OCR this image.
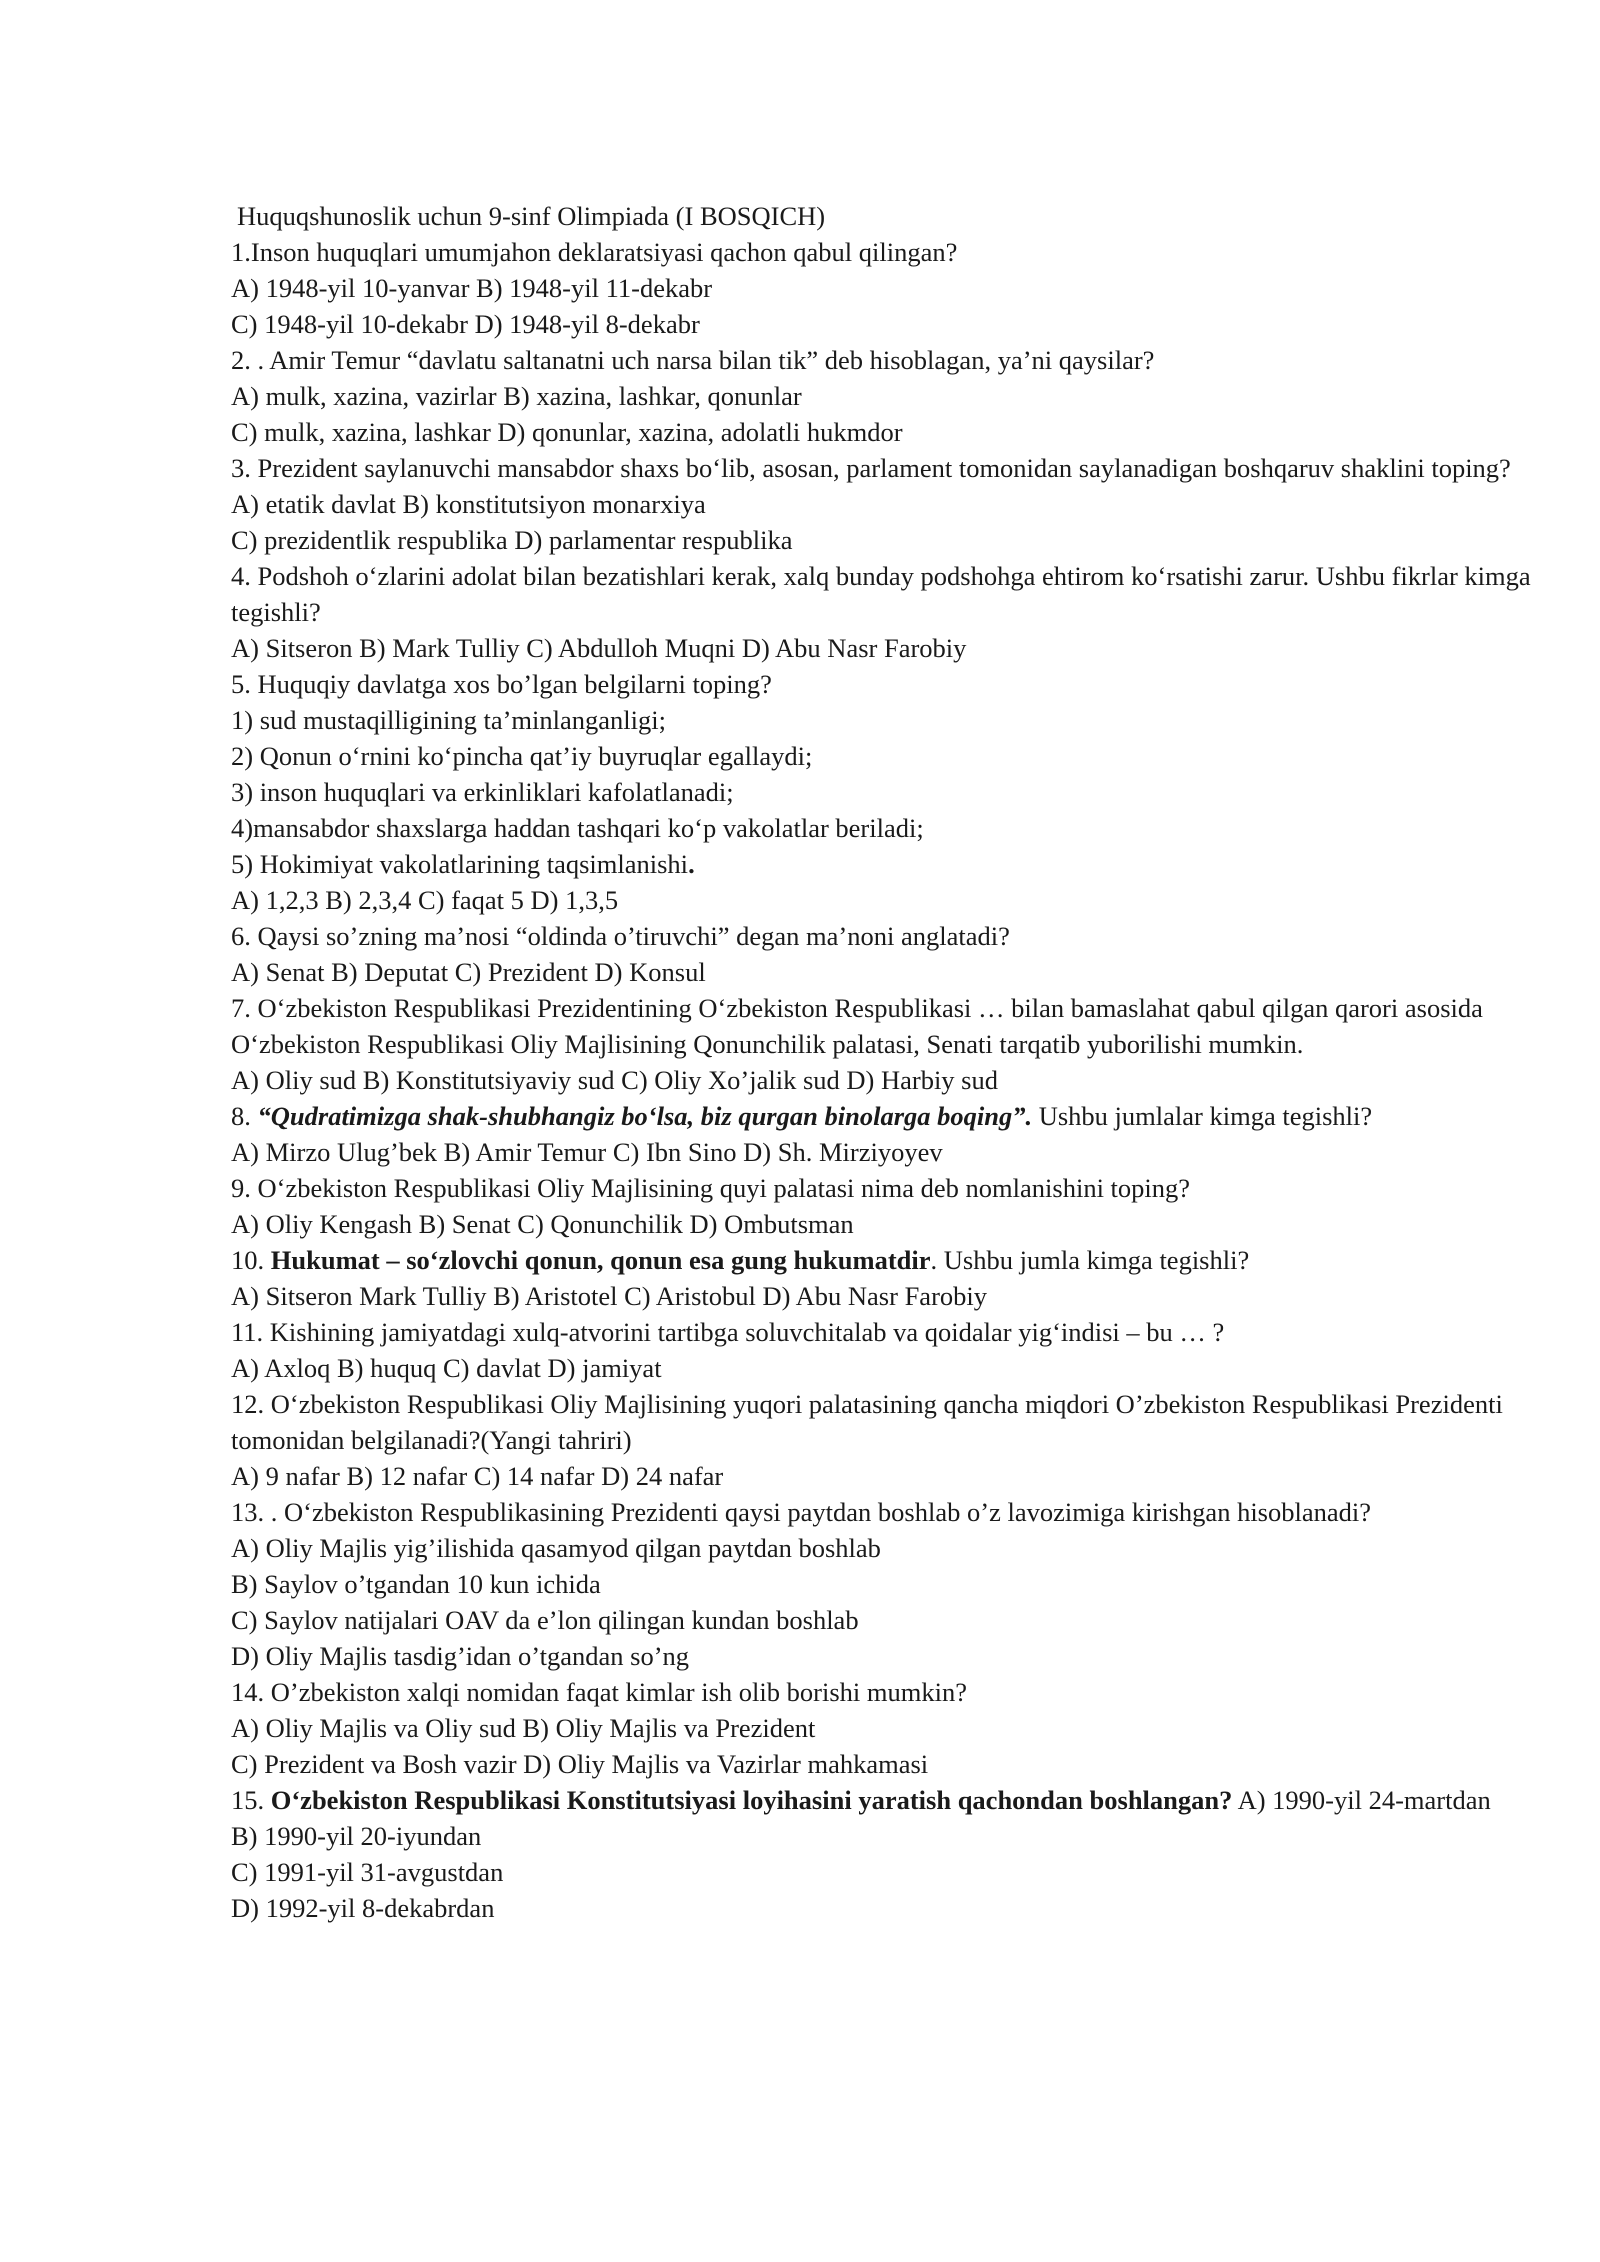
Huquqshunoslik uchun 9-sinf Olimpiada (I BOSQICH)

1.Inson huquqlari umumjahon deklaratsiyasi qachon qabul qilingan?

A) 1948-yil 10-yanvar B) 1948-yil 11-dekabr

C) 1948-yil 10-dekabr D) 1948-yil 8-dekabr

2. . Amir Temur “davlatu saltanatni uch narsa bilan tik” deb hisoblagan, ya’ni qaysilar?

A) mulk, xazina, vazirlar B) xazina, lashkar, qonunlar

C) mulk, xazina, lashkar D) qonunlar, xazina, adolatli hukmdor

3. Prezident saylanuvchi mansabdor shaxs bo‘lib, asosan, parlament tomonidan saylanadigan boshqaruv shaklini toping?

A) etatik davlat B) konstitutsiyon monarxiya

C) prezidentlik respublika D) parlamentar respublika

4. Podshoh o‘zlarini adolat bilan bezatishlari kerak, xalq bunday podshohga ehtirom ko‘rsatishi zarur. Ushbu fikrlar kimga tegishli?

A) Sitseron B) Mark Tulliy C) Abdulloh Muqni D) Abu Nasr Farobiy

5. Huquqiy davlatga xos bo’lgan belgilarni toping?

1) sud mustaqilligining ta’minlanganligi;

2) Qonun o‘rnini ko‘pincha qat’iy buyruqlar egallaydi;

3) inson huquqlari va erkinliklari kafolatlanadi;

4)mansabdor shaxslarga haddan tashqari ko‘p vakolatlar beriladi;

5) Hokimiyat vakolatlarining taqsimlanishi.

A) 1,2,3 B) 2,3,4 C) faqat 5 D) 1,3,5

6. Qaysi so’zning ma’nosi “oldinda o’tiruvchi” degan ma’noni anglatadi?

A) Senat B) Deputat C) Prezident D) Konsul

7. O‘zbekiston Respublikasi Prezidentining O‘zbekiston Respublikasi … bilan bamaslahat qabul qilgan qarori asosida O‘zbekiston Respublikasi Oliy Majlisining Qonunchilik palatasi, Senati tarqatib yuborilishi mumkin.

A) Oliy sud B) Konstitutsiyaviy sud C) Oliy Xo’jalik sud D) Harbiy sud

8. “Qudratimizga shak-shubhangiz bo‘lsa, biz qurgan binolarga boqing”. Ushbu jumlalar kimga tegishli?

A) Mirzo Ulug’bek B) Amir Temur C) Ibn Sino D) Sh. Mirziyoyev

9. O‘zbekiston Respublikasi Oliy Majlisining quyi palatasi nima deb nomlanishini toping?

A) Oliy Kengash B) Senat C) Qonunchilik D) Ombutsman

10. Hukumat – so‘zlovchi qonun, qonun esa gung hukumatdir. Ushbu jumla kimga tegishli?

A) Sitseron Mark Tulliy B) Aristotel C) Aristobul D) Abu Nasr Farobiy

11. Kishining jamiyatdagi xulq-atvorini tartibga soluvchitalab va qoidalar yig‘indisi – bu … ?

A) Axloq B) huquq C) davlat D) jamiyat

12. O‘zbekiston Respublikasi Oliy Majlisining yuqori palatasining qancha miqdori O’zbekiston Respublikasi Prezidenti tomonidan belgilanadi?(Yangi tahriri)

A) 9 nafar B) 12 nafar C) 14 nafar D) 24 nafar

13. . O‘zbekiston Respublikasining Prezidenti qaysi paytdan boshlab o’z lavozimiga kirishgan hisoblanadi?

A) Oliy Majlis yig’ilishida qasamyod qilgan paytdan boshlab

B) Saylov o’tgandan 10 kun ichida

C) Saylov natijalari OAV da e’lon qilingan kundan boshlab

D) Oliy Majlis tasdig’idan o’tgandan so’ng

14. O’zbekiston xalqi nomidan faqat kimlar ish olib borishi mumkin?

A) Oliy Majlis va Oliy sud B) Oliy Majlis va Prezident

C) Prezident va Bosh vazir D) Oliy Majlis va Vazirlar mahkamasi

15. O‘zbekiston Respublikasi Konstitutsiyasi loyihasini yaratish qachondan boshlangan? A) 1990-yil 24-martdan

B) 1990-yil 20-iyundan

C) 1991-yil 31-avgustdan

D) 1992-yil 8-dekabrdan
